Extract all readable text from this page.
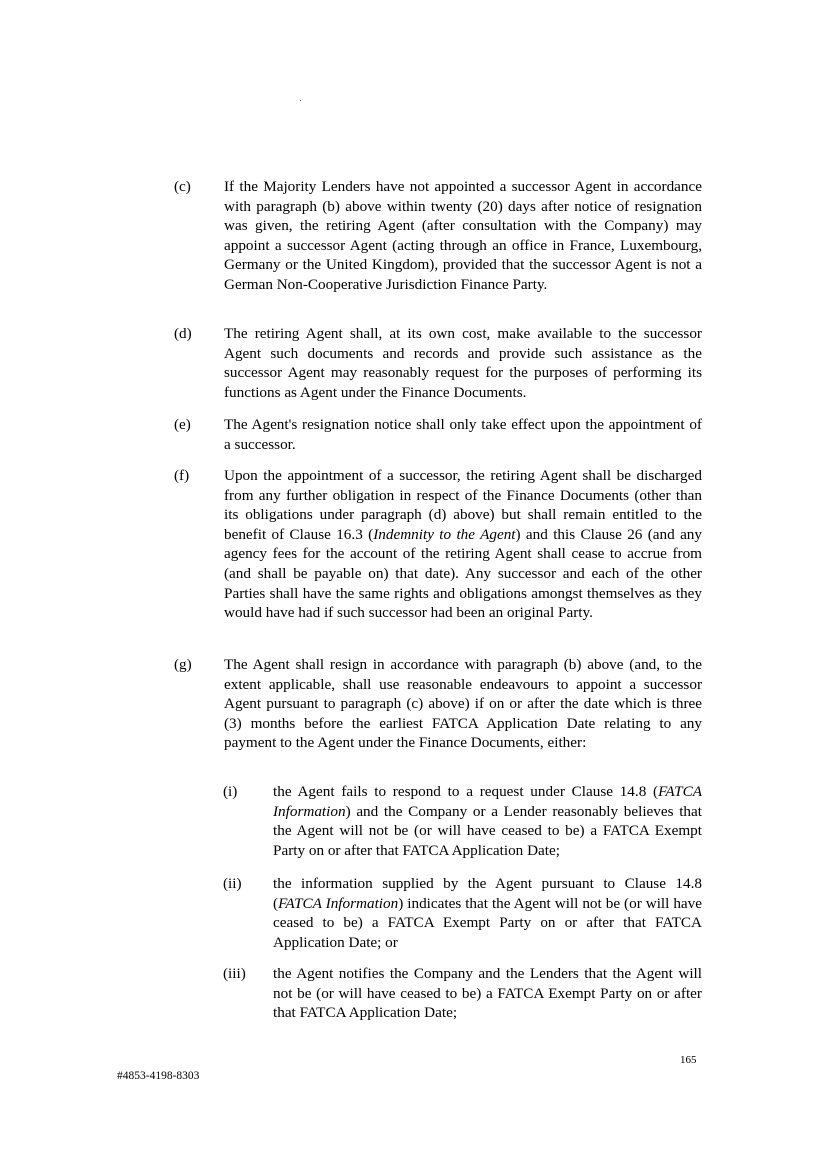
(c) If the Majority Lenders have not appointed a successor Agent in accordance with paragraph (b) above within twenty (20) days after notice of resignation was given, the retiring Agent (after consultation with the Company) may appoint a successor Agent (acting through an office in France, Luxembourg, Germany or the United Kingdom), provided that the successor Agent is not a German Non-Cooperative Jurisdiction Finance Party.
(d) The retiring Agent shall, at its own cost, make available to the successor Agent such documents and records and provide such assistance as the successor Agent may reasonably request for the purposes of performing its functions as Agent under the Finance Documents.
(e) The Agent's resignation notice shall only take effect upon the appointment of a successor.
(f) Upon the appointment of a successor, the retiring Agent shall be discharged from any further obligation in respect of the Finance Documents (other than its obligations under paragraph (d) above) but shall remain entitled to the benefit of Clause 16.3 (Indemnity to the Agent) and this Clause 26 (and any agency fees for the account of the retiring Agent shall cease to accrue from (and shall be payable on) that date). Any successor and each of the other Parties shall have the same rights and obligations amongst themselves as they would have had if such successor had been an original Party.
(g) The Agent shall resign in accordance with paragraph (b) above (and, to the extent applicable, shall use reasonable endeavours to appoint a successor Agent pursuant to paragraph (c) above) if on or after the date which is three (3) months before the earliest FATCA Application Date relating to any payment to the Agent under the Finance Documents, either:
(i) the Agent fails to respond to a request under Clause 14.8 (FATCA Information) and the Company or a Lender reasonably believes that the Agent will not be (or will have ceased to be) a FATCA Exempt Party on or after that FATCA Application Date;
(ii) the information supplied by the Agent pursuant to Clause 14.8 (FATCA Information) indicates that the Agent will not be (or will have ceased to be) a FATCA Exempt Party on or after that FATCA Application Date; or
(iii) the Agent notifies the Company and the Lenders that the Agent will not be (or will have ceased to be) a FATCA Exempt Party on or after that FATCA Application Date;
165
#4853-4198-8303
